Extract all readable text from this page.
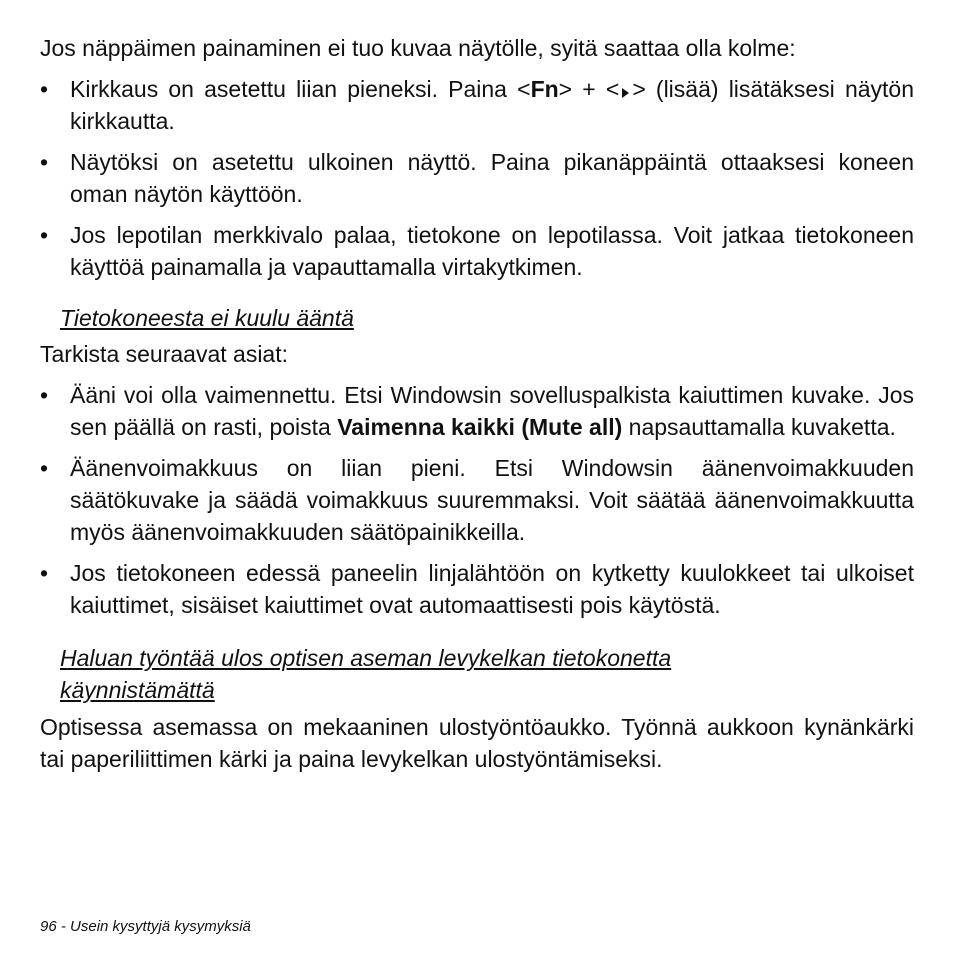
Jos näppäimen painaminen ei tuo kuvaa näytölle, syitä saattaa olla kolme:

• Kirkkaus on asetettu liian pieneksi. Paina <Fn> + < > (lisää) lisätäksesi näytön kirkkautta.
• Näytöksi on asetettu ulkoinen näyttö. Paina pikanäppäintä ottaaksesi koneen oman näytön käyttöön.
• Jos lepotilan merkkivalo palaa, tietokone on lepotilassa. Voit jatkaa tietokoneen käyttöä painamalla ja vapauttamalla virtakytkimen.
Tietokoneesta ei kuulu ääntä

Tarkista seuraavat asiat:

• Ääni voi olla vaimennettu. Etsi Windowsin sovelluspalkista kaiuttimen kuvake. Jos sen päällä on rasti, poista Vaimenna kaikki (Mute all) napsauttamalla kuvaketta.
• Äänenvoimakkuus on liian pieni. Etsi Windowsin äänenvoimakkuuden säätökuvake ja säädä voimakkuus suuremmaksi. Voit säätää äänenvoimakkuutta myös äänenvoimakkuuden säätöpainikkeilla.
• Jos tietokoneen edessä paneelin linjalähtöön on kytketty kuulokkeet tai ulkoiset kaiuttimet, sisäiset kaiuttimet ovat automaattisesti pois käytöstä.
Haluan työntää ulos optisen aseman levykelkan tietokonetta käynnistämättä

Optisessa asemassa on mekaaninen ulostyöntöaukko. Työnnä aukkoon kynänkärki tai paperiliittimen kärki ja paina levykelkan ulostyöntämiseksi.

96 - Usein kysyttyjä kysymyksiä
